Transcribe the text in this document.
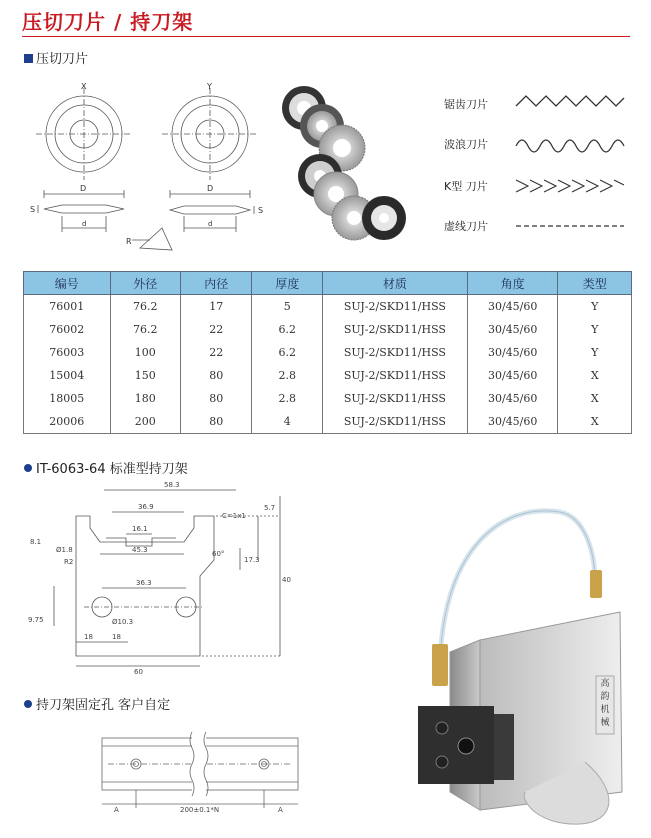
压切刀片 / 持刀架
压切刀片
X	Y
D	D
d	d
S	S
R
锯齿刀片
波浪刀片
K型 刀片
虚线刀片
编号	外径	内径	厚度	材质	角度	类型
76001	76.2	17	5	SUJ-2/SKD11/HSS	30/45/60	Y
76002	76.2	22	6.2	SUJ-2/SKD11/HSS	30/45/60	Y
76003	100	22	6.2	SUJ-2/SKD11/HSS	30/45/60	Y
15004	150	80	2.8	SUJ-2/SKD11/HSS	30/45/60	X
18005	180	80	2.8	SUJ-2/SKD11/HSS	30/45/60	X
20006	200	80	4	SUJ-2/SKD11/HSS	30/45/60	X
IT-6063-64 标准型持刀架
58.3
36.9
16.1
45.3
36.3
18	18
60
C=1x1
8.1
Ø1.8
R2
60°
Ø10.3
9.75
17.3
40
5.7
持刀架固定孔 客户自定
A	A
200±0.1*N
高
韵
机
械
